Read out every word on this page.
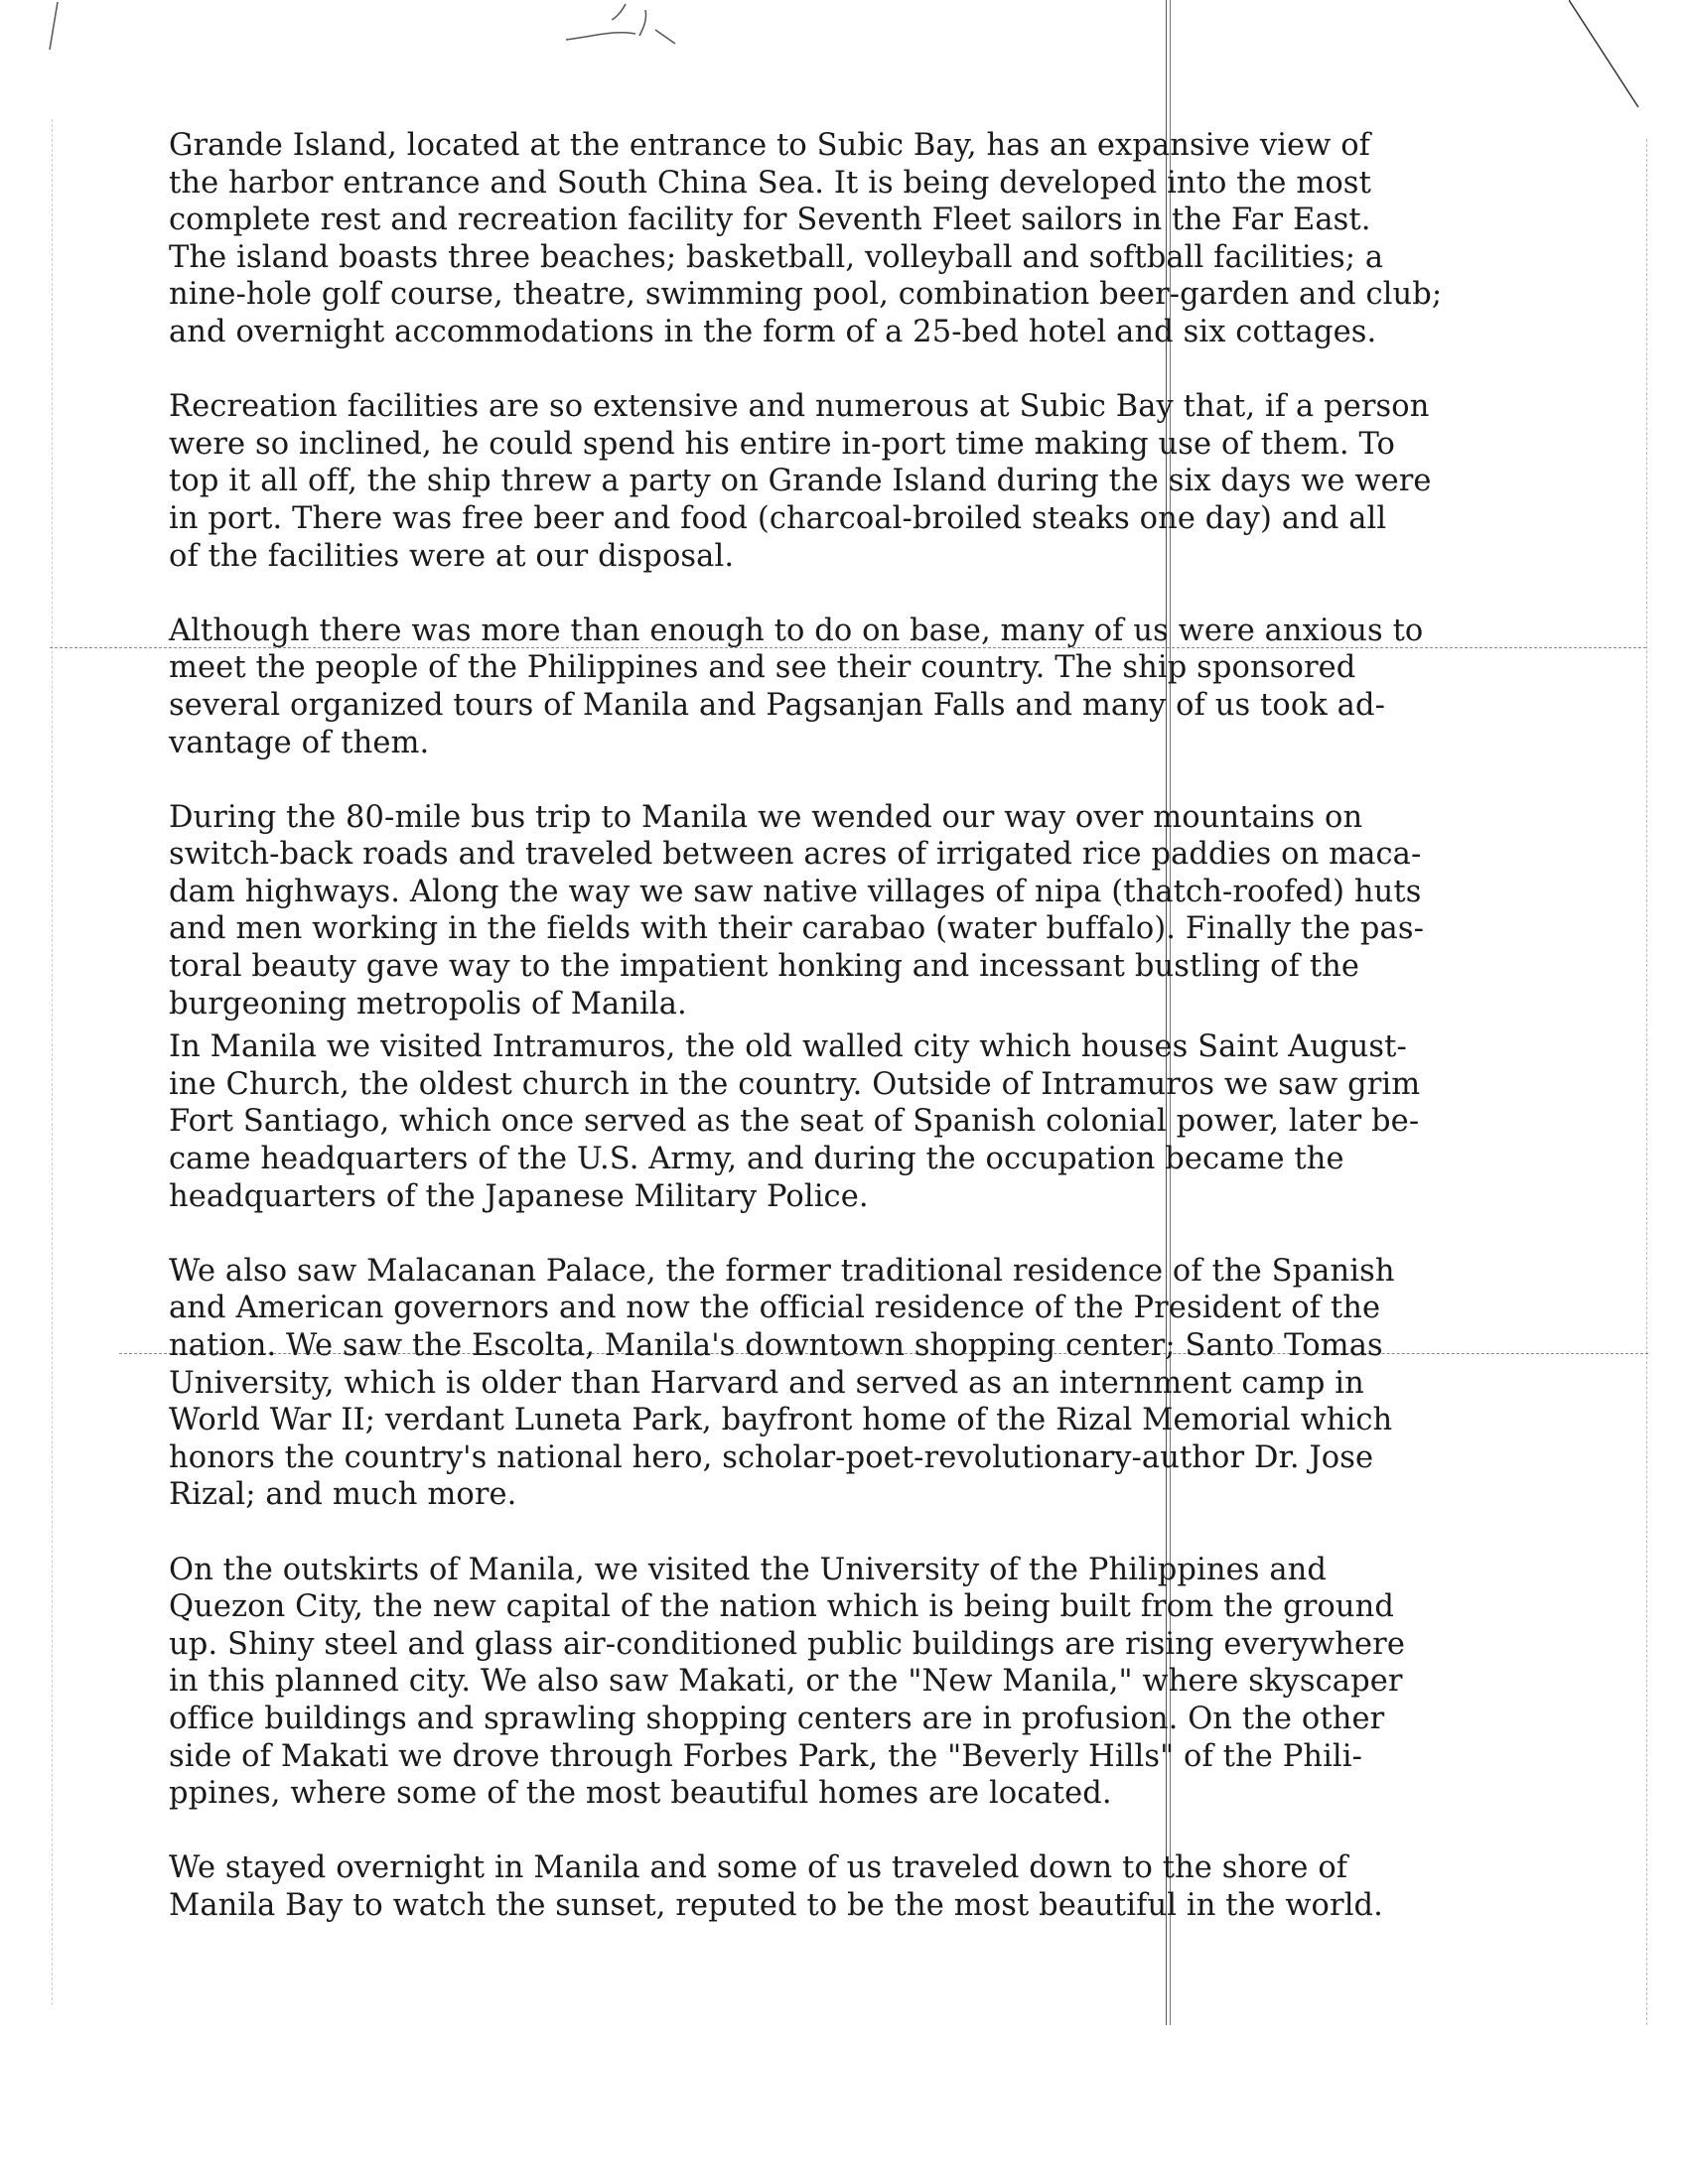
Grande Island, located at the entrance to Subic Bay, has an expansive view of
the harbor entrance and South China Sea. It is being developed into the most
complete rest and recreation facility for Seventh Fleet sailors in the Far East.
The island boasts three beaches; basketball, volleyball and softball facilities; a
nine-hole golf course, theatre, swimming pool, combination beer-garden and club;
and overnight accommodations in the form of a 25-bed hotel and six cottages.
Recreation facilities are so extensive and numerous at Subic Bay that, if a person
were so inclined, he could spend his entire in-port time making use of them. To
top it all off, the ship threw a party on Grande Island during the six days we were
in port. There was free beer and food (charcoal-broiled steaks one day) and all
of the facilities were at our disposal.
Although there was more than enough to do on base, many of us were anxious to
meet the people of the Philippines and see their country. The ship sponsored
several organized tours of Manila and Pagsanjan Falls and many of us took ad-
vantage of them.
During the 80-mile bus trip to Manila we wended our way over mountains on
switch-back roads and traveled between acres of irrigated rice paddies on maca-
dam highways. Along the way we saw native villages of nipa (thatch-roofed) huts
and men working in the fields with their carabao (water buffalo). Finally the pas-
toral beauty gave way to the impatient honking and incessant bustling of the
burgeoning metropolis of Manila.
In Manila we visited Intramuros, the old walled city which houses Saint August-
ine Church, the oldest church in the country. Outside of Intramuros we saw grim
Fort Santiago, which once served as the seat of Spanish colonial power, later be-
came headquarters of the U.S. Army, and during the occupation became the
headquarters of the Japanese Military Police.
We also saw Malacanan Palace, the former traditional residence of the Spanish
and American governors and now the official residence of the President of the
nation. We saw the Escolta, Manila's downtown shopping center; Santo Tomas
University, which is older than Harvard and served as an internment camp in
World War II; verdant Luneta Park, bayfront home of the Rizal Memorial which
honors the country's national hero, scholar-poet-revolutionary-author Dr. Jose
Rizal; and much more.
On the outskirts of Manila, we visited the University of the Philippines and
Quezon City, the new capital of the nation which is being built from the ground
up. Shiny steel and glass air-conditioned public buildings are rising everywhere
in this planned city. We also saw Makati, or the "New Manila," where skyscaper
office buildings and sprawling shopping centers are in profusion. On the other
side of Makati we drove through Forbes Park, the "Beverly Hills" of the Phili-
ppines, where some of the most beautiful homes are located.
We stayed overnight in Manila and some of us traveled down to the shore of
Manila Bay to watch the sunset, reputed to be the most beautiful in the world.
